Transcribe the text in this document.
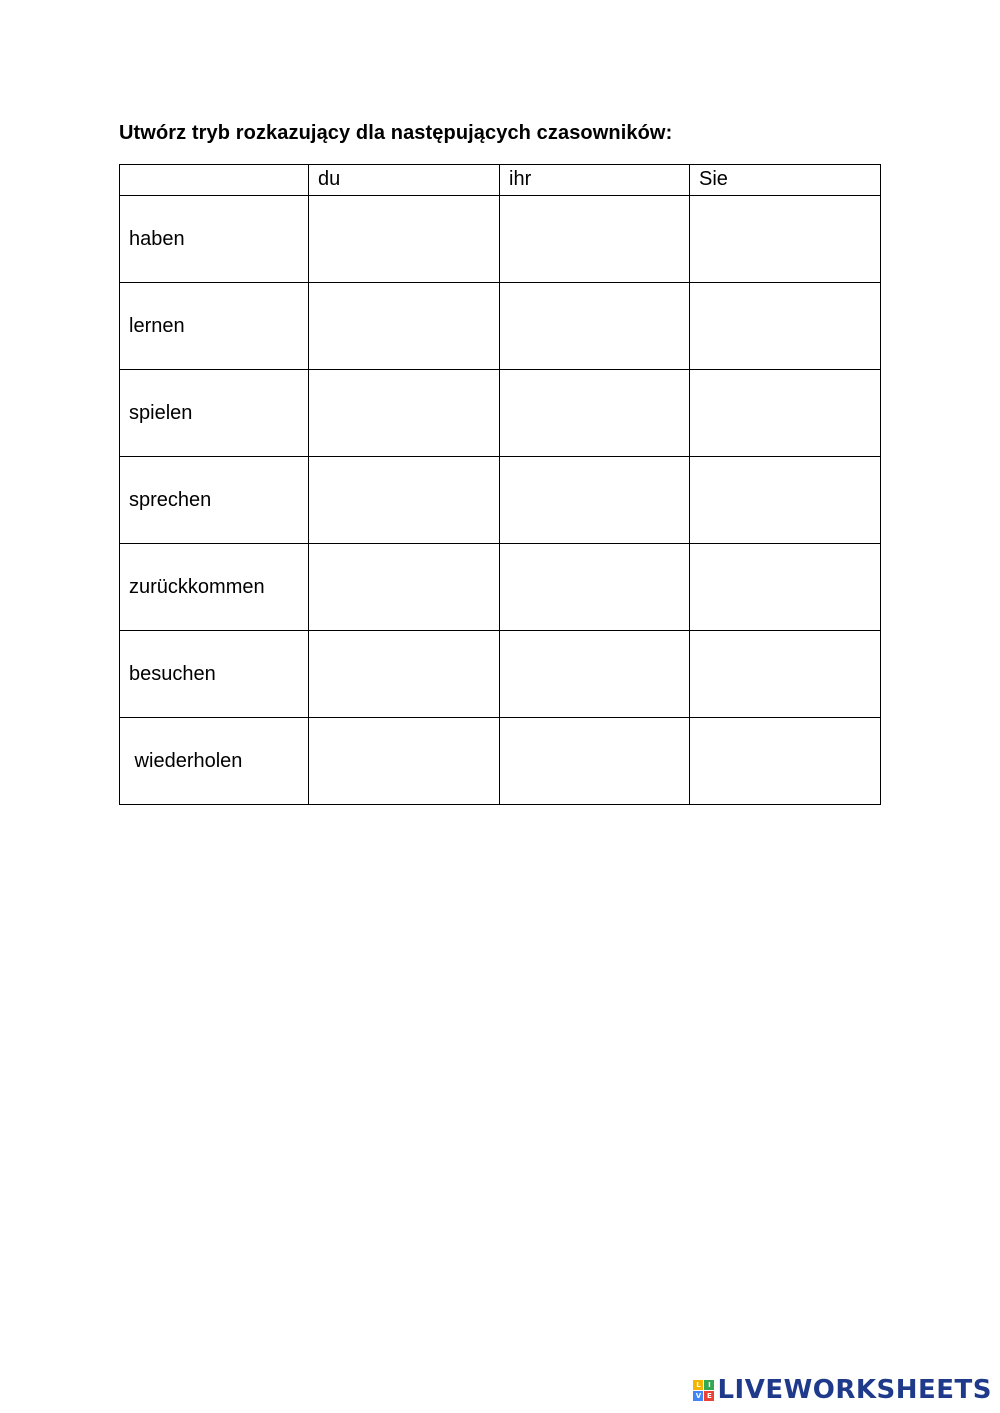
Utwórz tryb rozkazujący dla następujących czasowników:
	du	ihr	Sie
haben			
lernen			
spielen			
sprechen			
zurückkommen			
besuchen			
wiederholen			
L	I
V E LIVEWORKSHEETS
